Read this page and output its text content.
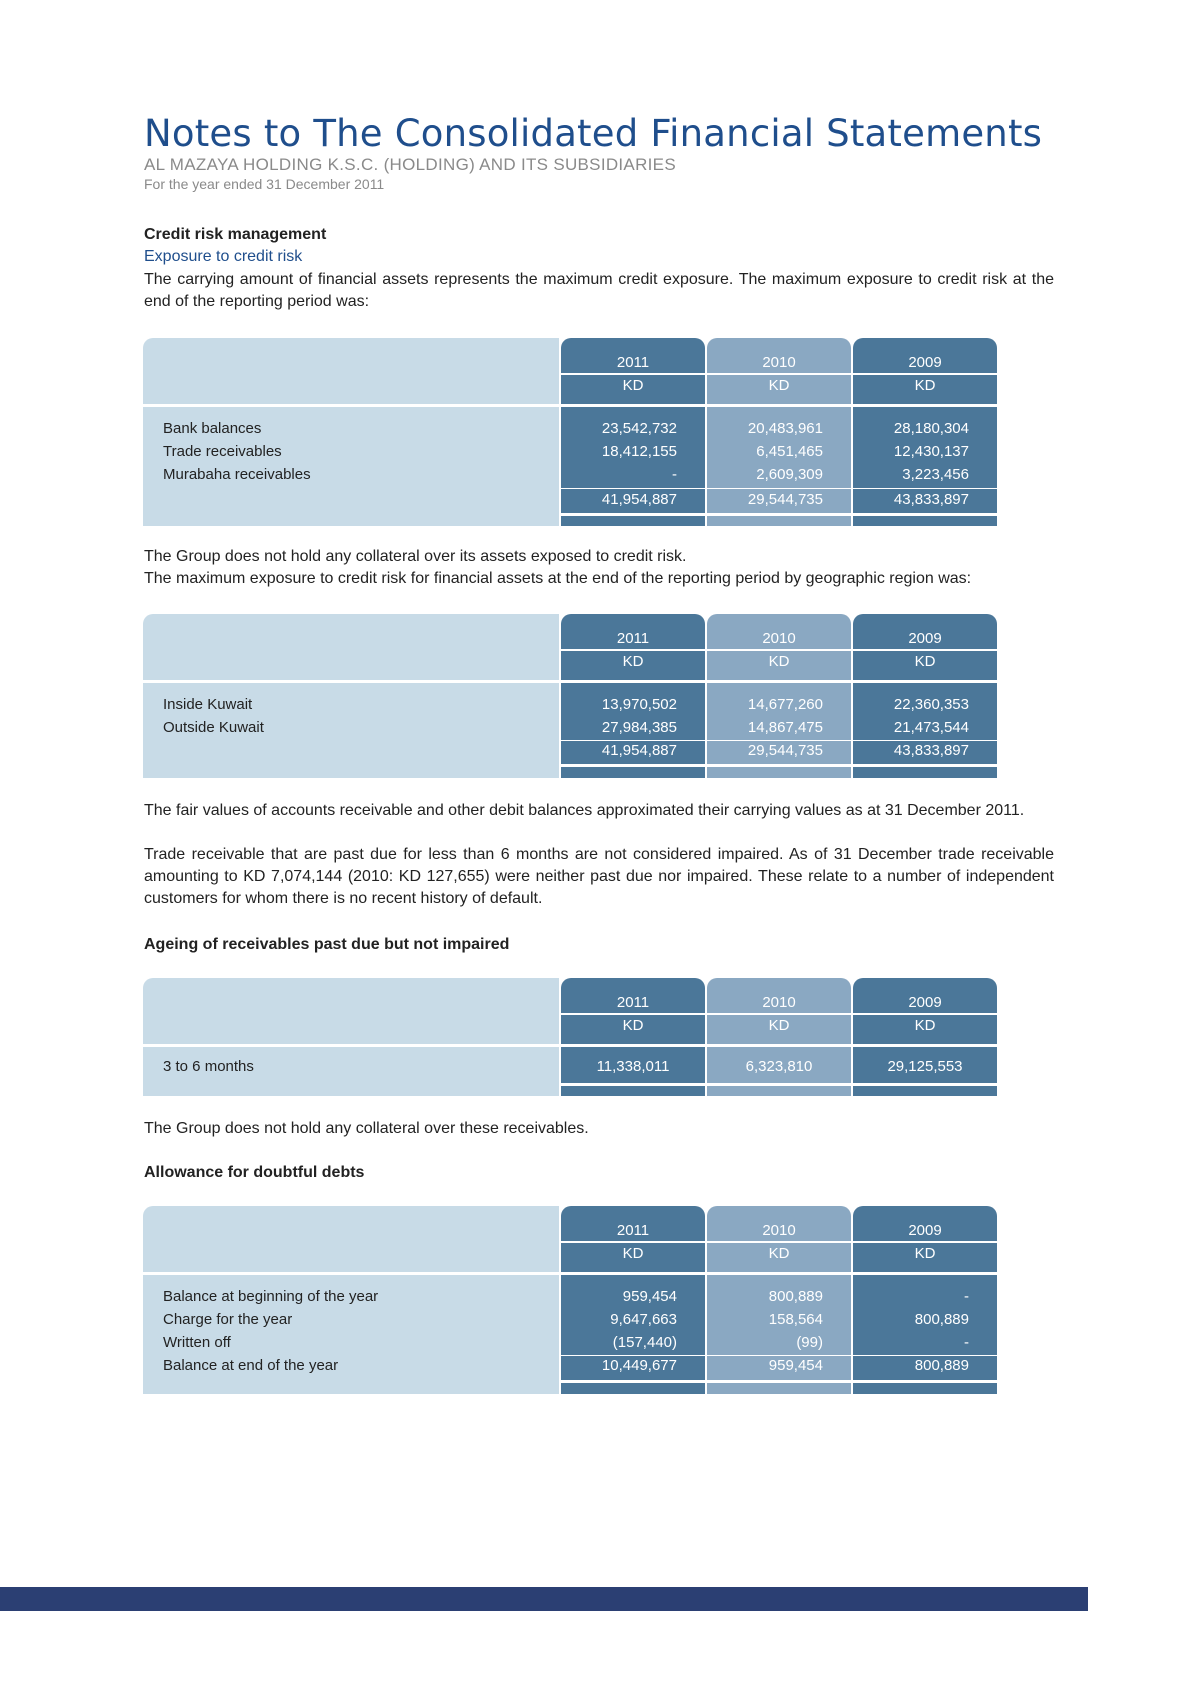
Notes to The Consolidated Financial Statements
AL MAZAYA HOLDING K.S.C. (HOLDING) AND ITS SUBSIDIARIES
For the year ended 31 December 2011
Credit risk management
Exposure to credit risk
The carrying amount of financial assets represents the maximum credit exposure. The maximum exposure to credit risk at the end of the reporting period was:
Bank balances
Trade receivables
Murabaha receivables
2011
KD
23,542,732
18,412,155
-
41,954,887
2010
KD
20,483,961
6,451,465
2,609,309
29,544,735
2009
KD
28,180,304
12,430,137
3,223,456
43,833,897
The Group does not hold any collateral over its assets exposed to credit risk.
The maximum exposure to credit risk for financial assets at the end of the reporting period by geographic region was:
Inside Kuwait
Outside Kuwait
2011
KD
13,970,502
27,984,385
41,954,887
2010
KD
14,677,260
14,867,475
29,544,735
2009
KD
22,360,353
21,473,544
43,833,897
The fair values of accounts receivable and other debit balances approximated their carrying values as at 31 December 2011.
Trade receivable that are past due for less than 6 months are not considered impaired. As of 31 December trade receivable amounting to KD 7,074,144 (2010: KD 127,655) were neither past due nor impaired. These relate to a number of independent customers for whom there is no recent history of default.
Ageing of receivables past due but not impaired
3 to 6 months
2011
KD
11,338,011
2010
KD
6,323,810
2009
KD
29,125,553
The Group does not hold any collateral over these receivables.
Allowance for doubtful debts
Balance at beginning of the year
Charge for the year
Written off
Balance at end of the year
2011
KD
959,454
9,647,663
(157,440)
10,449,677
2010
KD
800,889
158,564
(99)
959,454
2009
KD
-
800,889
-
800,889
